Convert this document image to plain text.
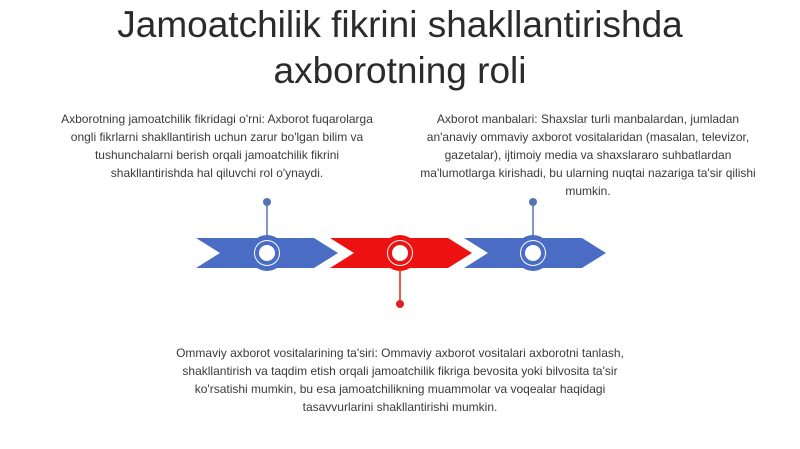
Jamoatchilik fikrini shakllantirishda axborotning roli
Axborotning jamoatchilik fikridagi o'rni: Axborot fuqarolarga ongli fikrlarni shakllantirish uchun zarur bo'lgan bilim va tushunchalarni berish orqali jamoatchilik fikrini shakllantirishda hal qiluvchi rol o'ynaydi.
Axborot manbalari: Shaxslar turli manbalardan, jumladan an'anaviy ommaviy axborot vositalaridan (masalan, televizor, gazetalar), ijtimoiy media va shaxslararo suhbatlardan ma'lumotlarga kirishadi, bu ularning nuqtai nazariga ta'sir qilishi mumkin.
Ommaviy axborot vositalarining ta'siri: Ommaviy axborot vositalari axborotni tanlash, shakllantirish va taqdim etish orqali jamoatchilik fikriga bevosita yoki bilvosita ta'sir ko'rsatishi mumkin, bu esa jamoatchilikning muammolar va voqealar haqidagi tasavvurlarini shakllantirishi mumkin.
